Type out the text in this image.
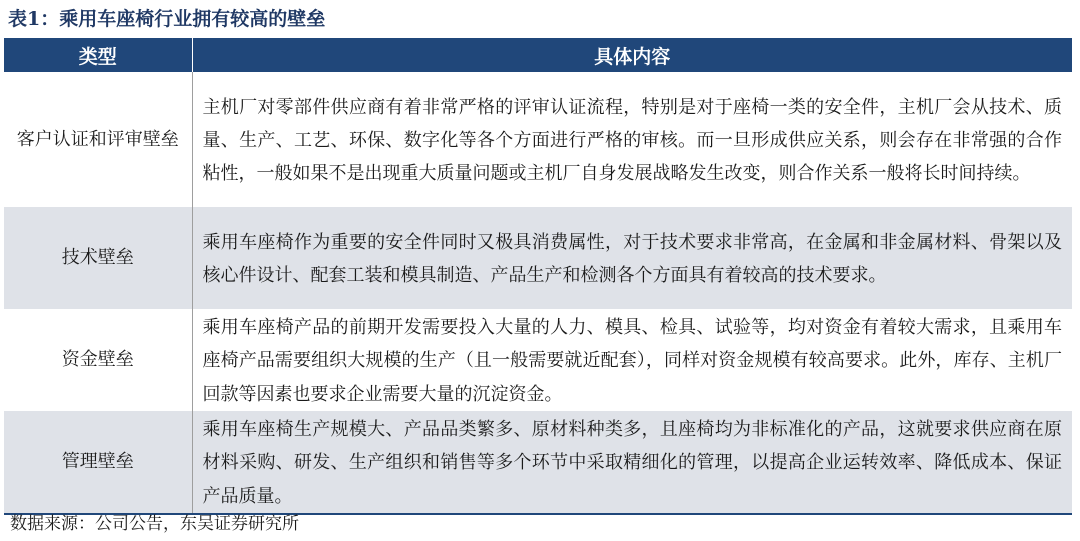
表1：乘用车座椅行业拥有较高的壁垒
类型	具体内容
客户认证和评审壁垒	主机厂对零部件供应商有着非常严格的评审认证流程，特别是对于座椅一类的安全件，主机厂会从技术、质量、生产、工艺、环保、数字化等各个方面进行严格的审核。而一旦形成供应关系，则会存在非常强的合作粘性，一般如果不是出现重大质量问题或主机厂自身发展战略发生改变，则合作关系一般将长时间持续。
技术壁垒	乘用车座椅作为重要的安全件同时又极具消费属性，对于技术要求非常高，在金属和非金属材料、骨架以及核心件设计、配套工装和模具制造、产品生产和检测各个方面具有着较高的技术要求。
资金壁垒	乘用车座椅产品的前期开发需要投入大量的人力、模具、检具、试验等，均对资金有着较大需求，且乘用车座椅产品需要组织大规模的生产（且一般需要就近配套），同样对资金规模有较高要求。此外，库存、主机厂回款等因素也要求企业需要大量的沉淀资金。
管理壁垒	乘用车座椅生产规模大、产品品类繁多、原材料种类多，且座椅均为非标准化的产品，这就要求供应商在原材料采购、研发、生产组织和销售等多个环节中采取精细化的管理，以提高企业运转效率、降低成本、保证产品质量。
数据来源：公司公告，东吴证券研究所
